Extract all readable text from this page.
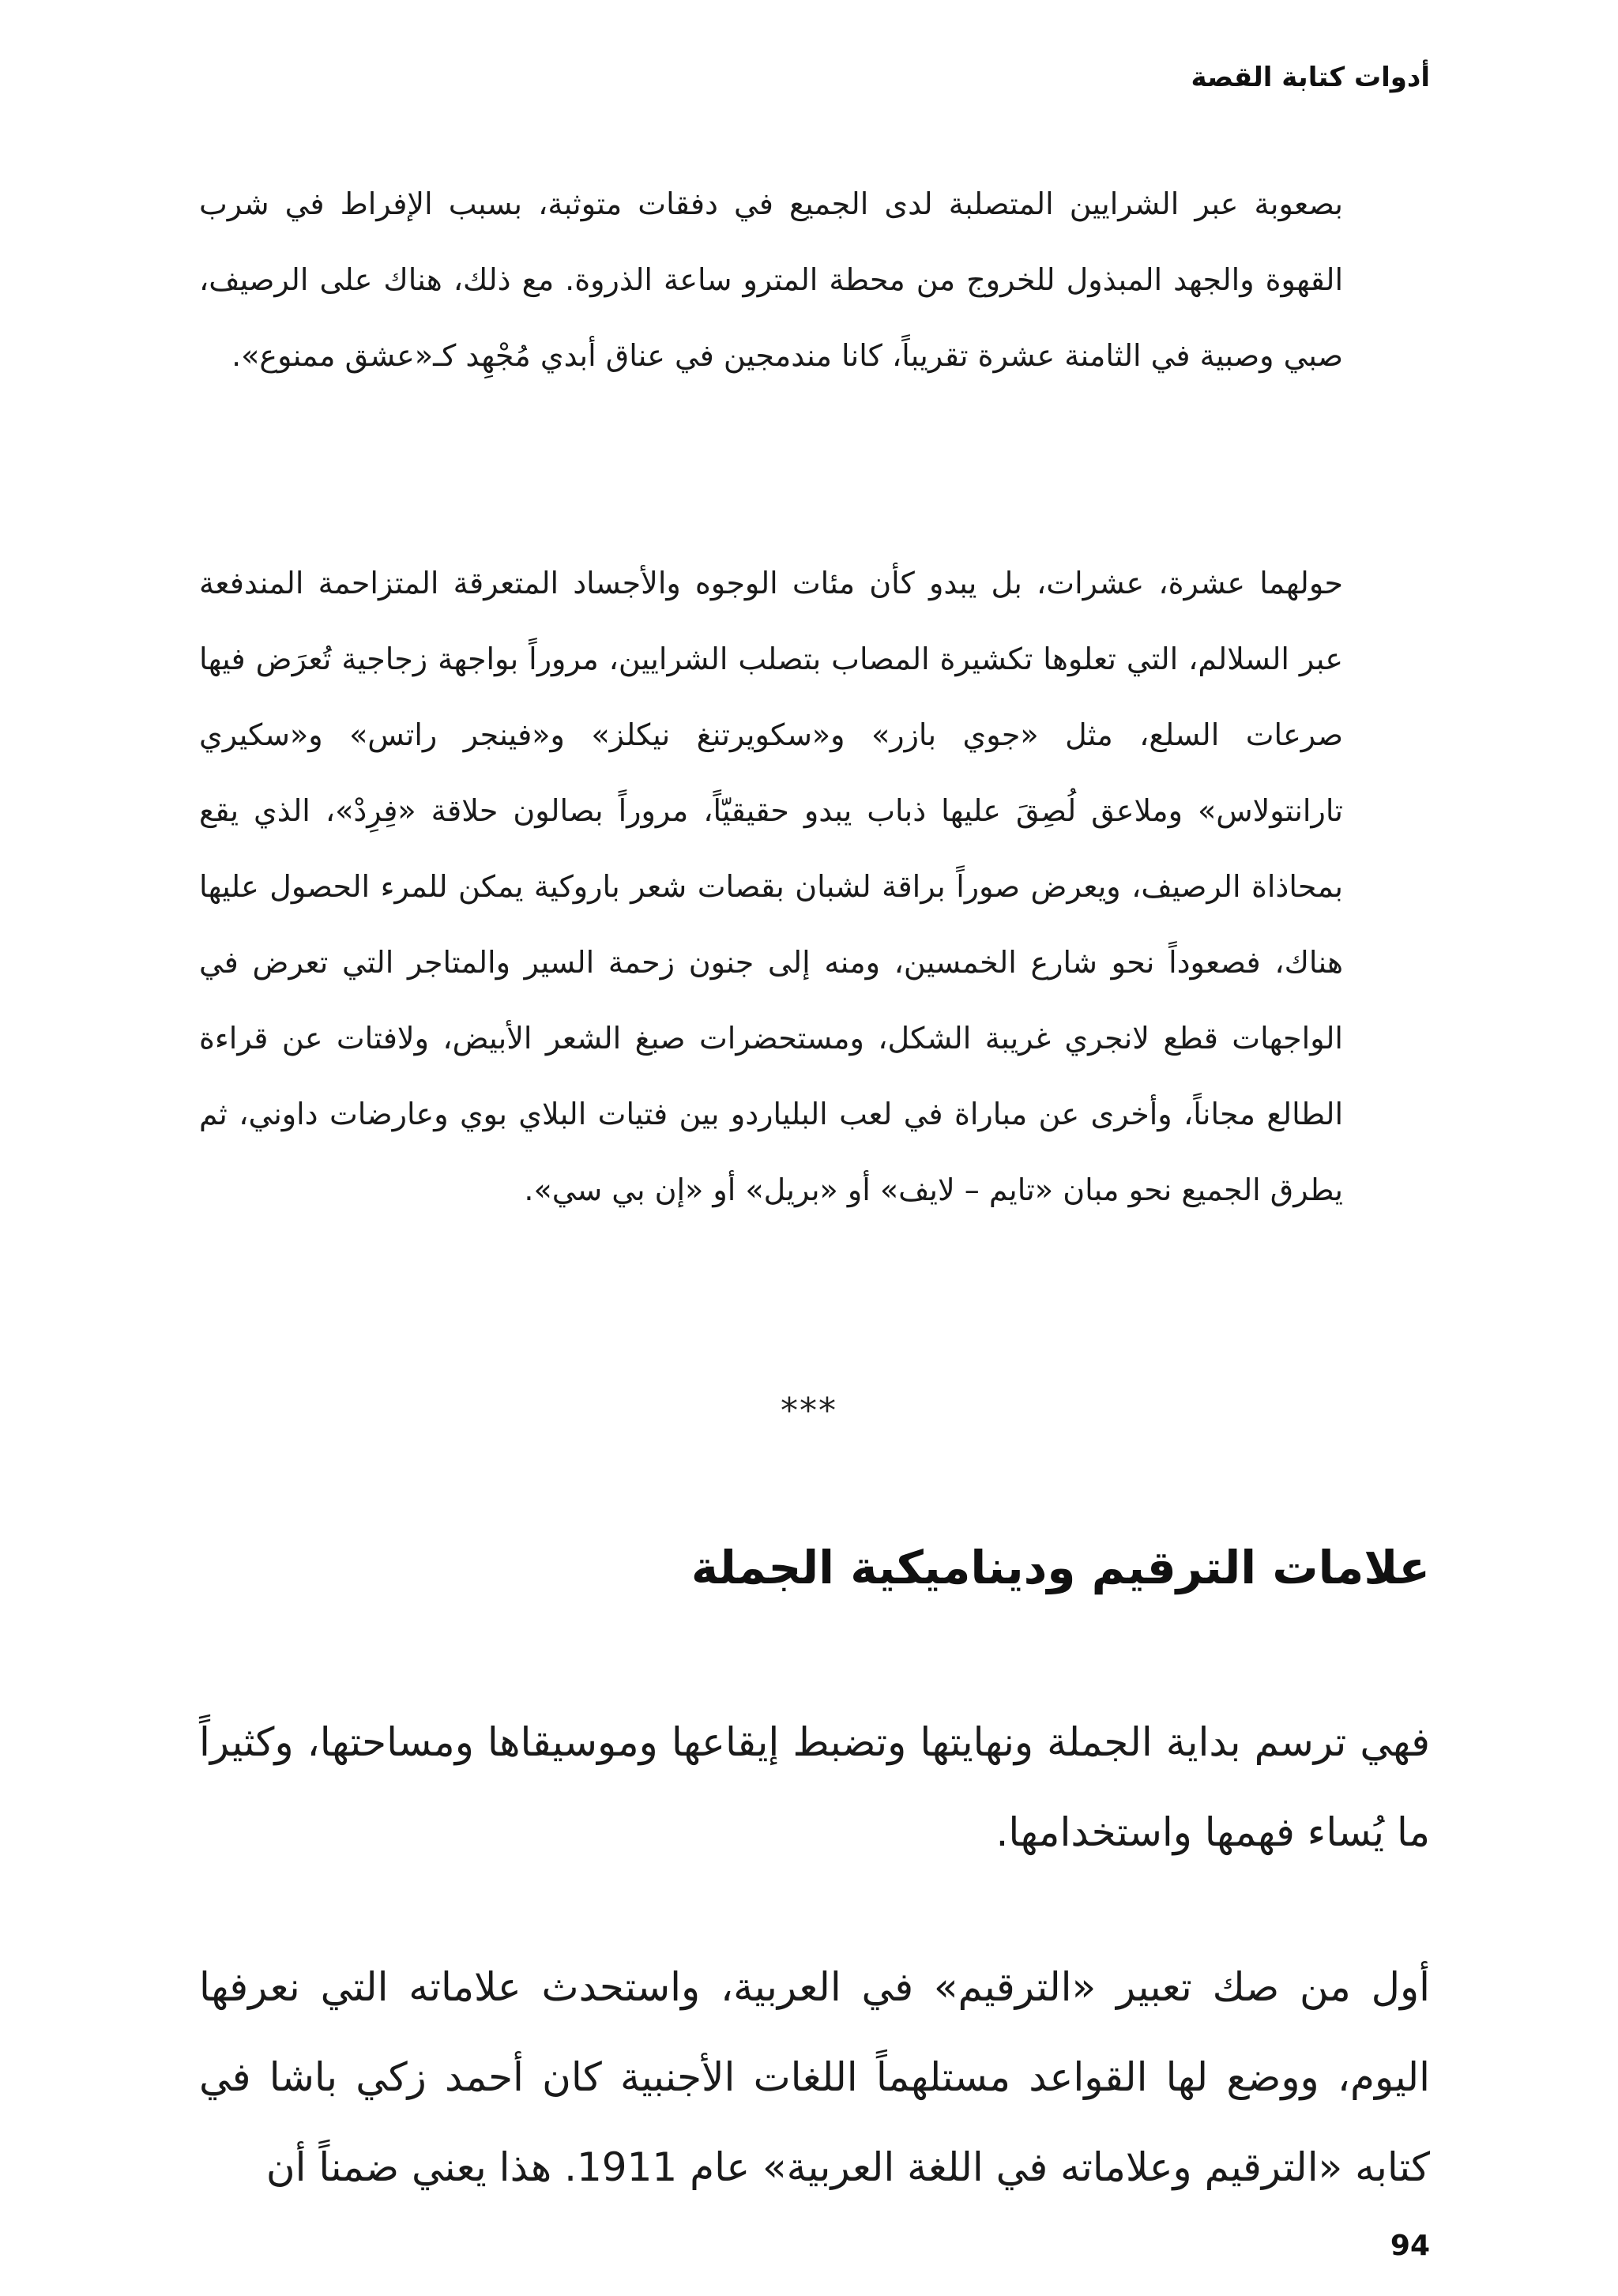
أدوات كتابة القصة

بصعوبة عبر الشرايين المتصلبة لدى الجميع في دفقات متوثبة، بسبب الإفراط في شرب القهوة والجهد المبذول للخروج من محطة المترو ساعة الذروة. مع ذلك، هناك على الرصيف، صبي وصبية في الثامنة عشرة تقريباً، كانا مندمجين في عناق أبدي مُجْهِد كـ«عشق ممنوع».

حولهما عشرة، عشرات، بل يبدو كأن مئات الوجوه والأجساد المتعرقة المتزاحمة المندفعة عبر السلالم، التي تعلوها تكشيرة المصاب بتصلب الشرايين، مروراً بواجهة زجاجية تُعرَض فيها صرعات السلع، مثل «جوي بازر» و«سكويرتنغ نيكلز» و«فينجر راتس» و«سكيري تارانتولاس» وملاعق لُصِقَ عليها ذباب يبدو حقيقيّاً، مروراً بصالون حلاقة «فِرِدْ»، الذي يقع بمحاذاة الرصيف، ويعرض صوراً براقة لشبان بقصات شعر باروكية يمكن للمرء الحصول عليها هناك، فصعوداً نحو شارع الخمسين، ومنه إلى جنون زحمة السير والمتاجر التي تعرض في الواجهات قطع لانجري غريبة الشكل، ومستحضرات صبغ الشعر الأبيض، ولافتات عن قراءة الطالع مجاناً، وأخرى عن مباراة في لعب البلياردو بين فتيات البلاي بوي وعارضات داوني، ثم يطرق الجميع نحو مبان «تايم – لايف» أو «بريل» أو «إن بي سي».

***
علامات الترقيم وديناميكية الجملة

فهي ترسم بداية الجملة ونهايتها وتضبط إيقاعها وموسيقاها ومساحتها، وكثيراً ما يُساء فهمها واستخدامها.

أول من صك تعبير «الترقيم» في العربية، واستحدث علاماته التي نعرفها اليوم، ووضع لها القواعد مستلهماً اللغات الأجنبية كان أحمد زكي باشا في كتابه «الترقيم وعلاماته في اللغة العربية» عام 1911. هذا يعني ضمناً أن

94
